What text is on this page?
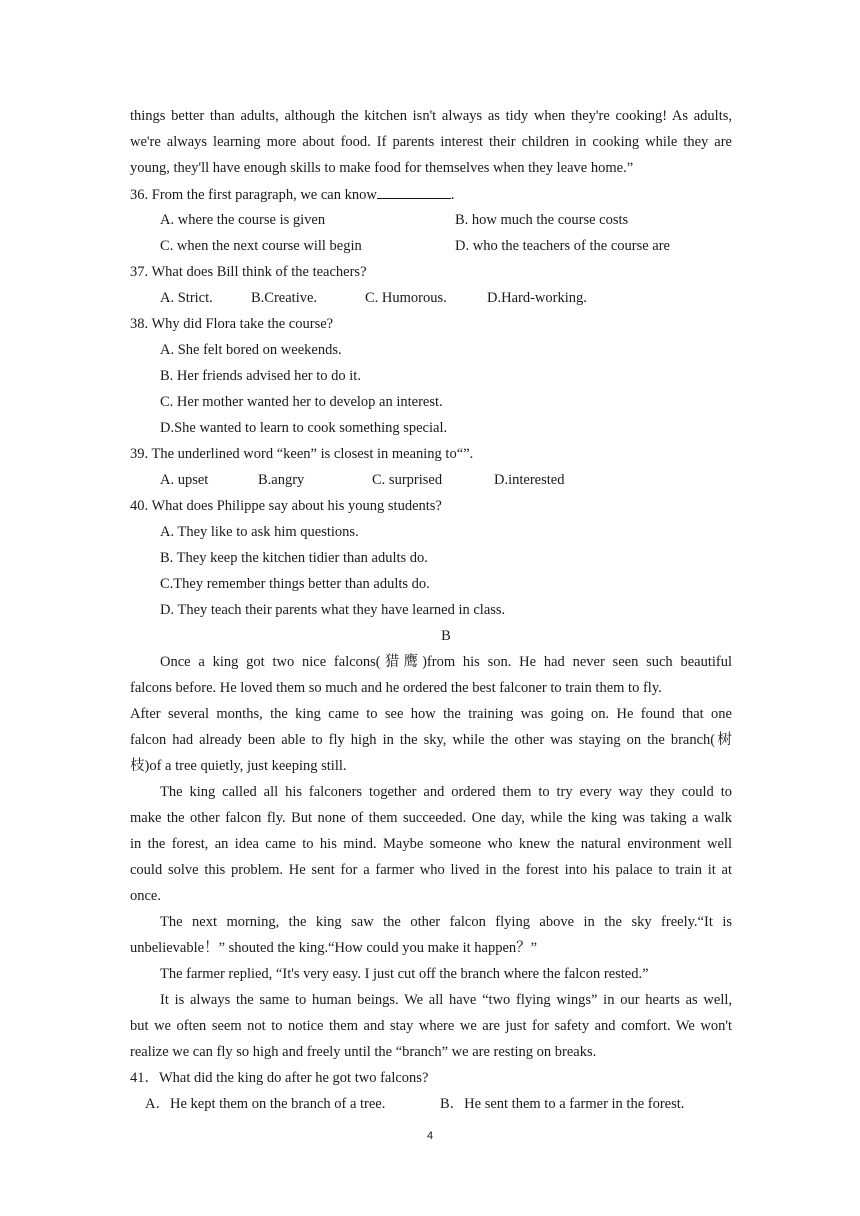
things better than adults, although the kitchen isn't always as tidy when they're cooking! As adults,
we're always learning more about food. If parents interest their children in cooking while they are
young, they'll have enough skills to make food for themselves when they leave home.”
36. From the first paragraph, we can know	.
A. where the course is given	B. how much the course costs
C. when the next course will begin	D. who the teachers of the course are
37. What does Bill think of the teachers?
A. Strict.	B.Creative.	C. Humorous.	D.Hard-working.
38. Why did Flora take the course?
A. She felt bored on weekends.
B. Her friends advised her to do it.
C. Her mother wanted her to develop an interest.
D.She wanted to learn to cook something special.
39. The underlined word “keen” is closest in meaning to“”.
A. upset	B.angry	C. surprised	D.interested
40. What does Philippe say about his young students?
A. They like to ask him questions.
B. They keep the kitchen tidier than adults do.
C.They remember things better than adults do.
D. They teach their parents what they have learned in class.
B
Once a king got two nice falcons(猎鹰)from his son. He had never seen such beautiful
falcons before. He loved them so much and he ordered the best falconer to train them to fly.
After several months, the king came to see how the training was going on. He found that one
falcon had already been able to fly high in the sky, while the other was staying on the branch(树
枝)of a tree quietly, just keeping still.
The king called all his falconers together and ordered them to try every way they could to
make the other falcon fly. But none of them succeeded. One day, while the king was taking a walk
in the forest, an idea came to his mind. Maybe someone who knew the natural environment well
could solve this problem. He sent for a farmer who lived in the forest into his palace to train it at
once.
The next morning, the king saw the other falcon flying above in the sky freely.“It is
unbelievable！” shouted the king.“How could you make it happen？”
The farmer replied, “It's very easy. I just cut off the branch where the falcon rested.”
It is always the same to human beings. We all have “two flying wings” in our hearts as well,
but we often seem not to notice them and stay where we are just for safety and comfort. We won't
realize we can fly so high and freely until the “branch” we are resting on breaks.
41．What did the king do after he got two falcons?
A．He kept them on the branch of a tree.	B．He sent them to a farmer in the forest.
4
